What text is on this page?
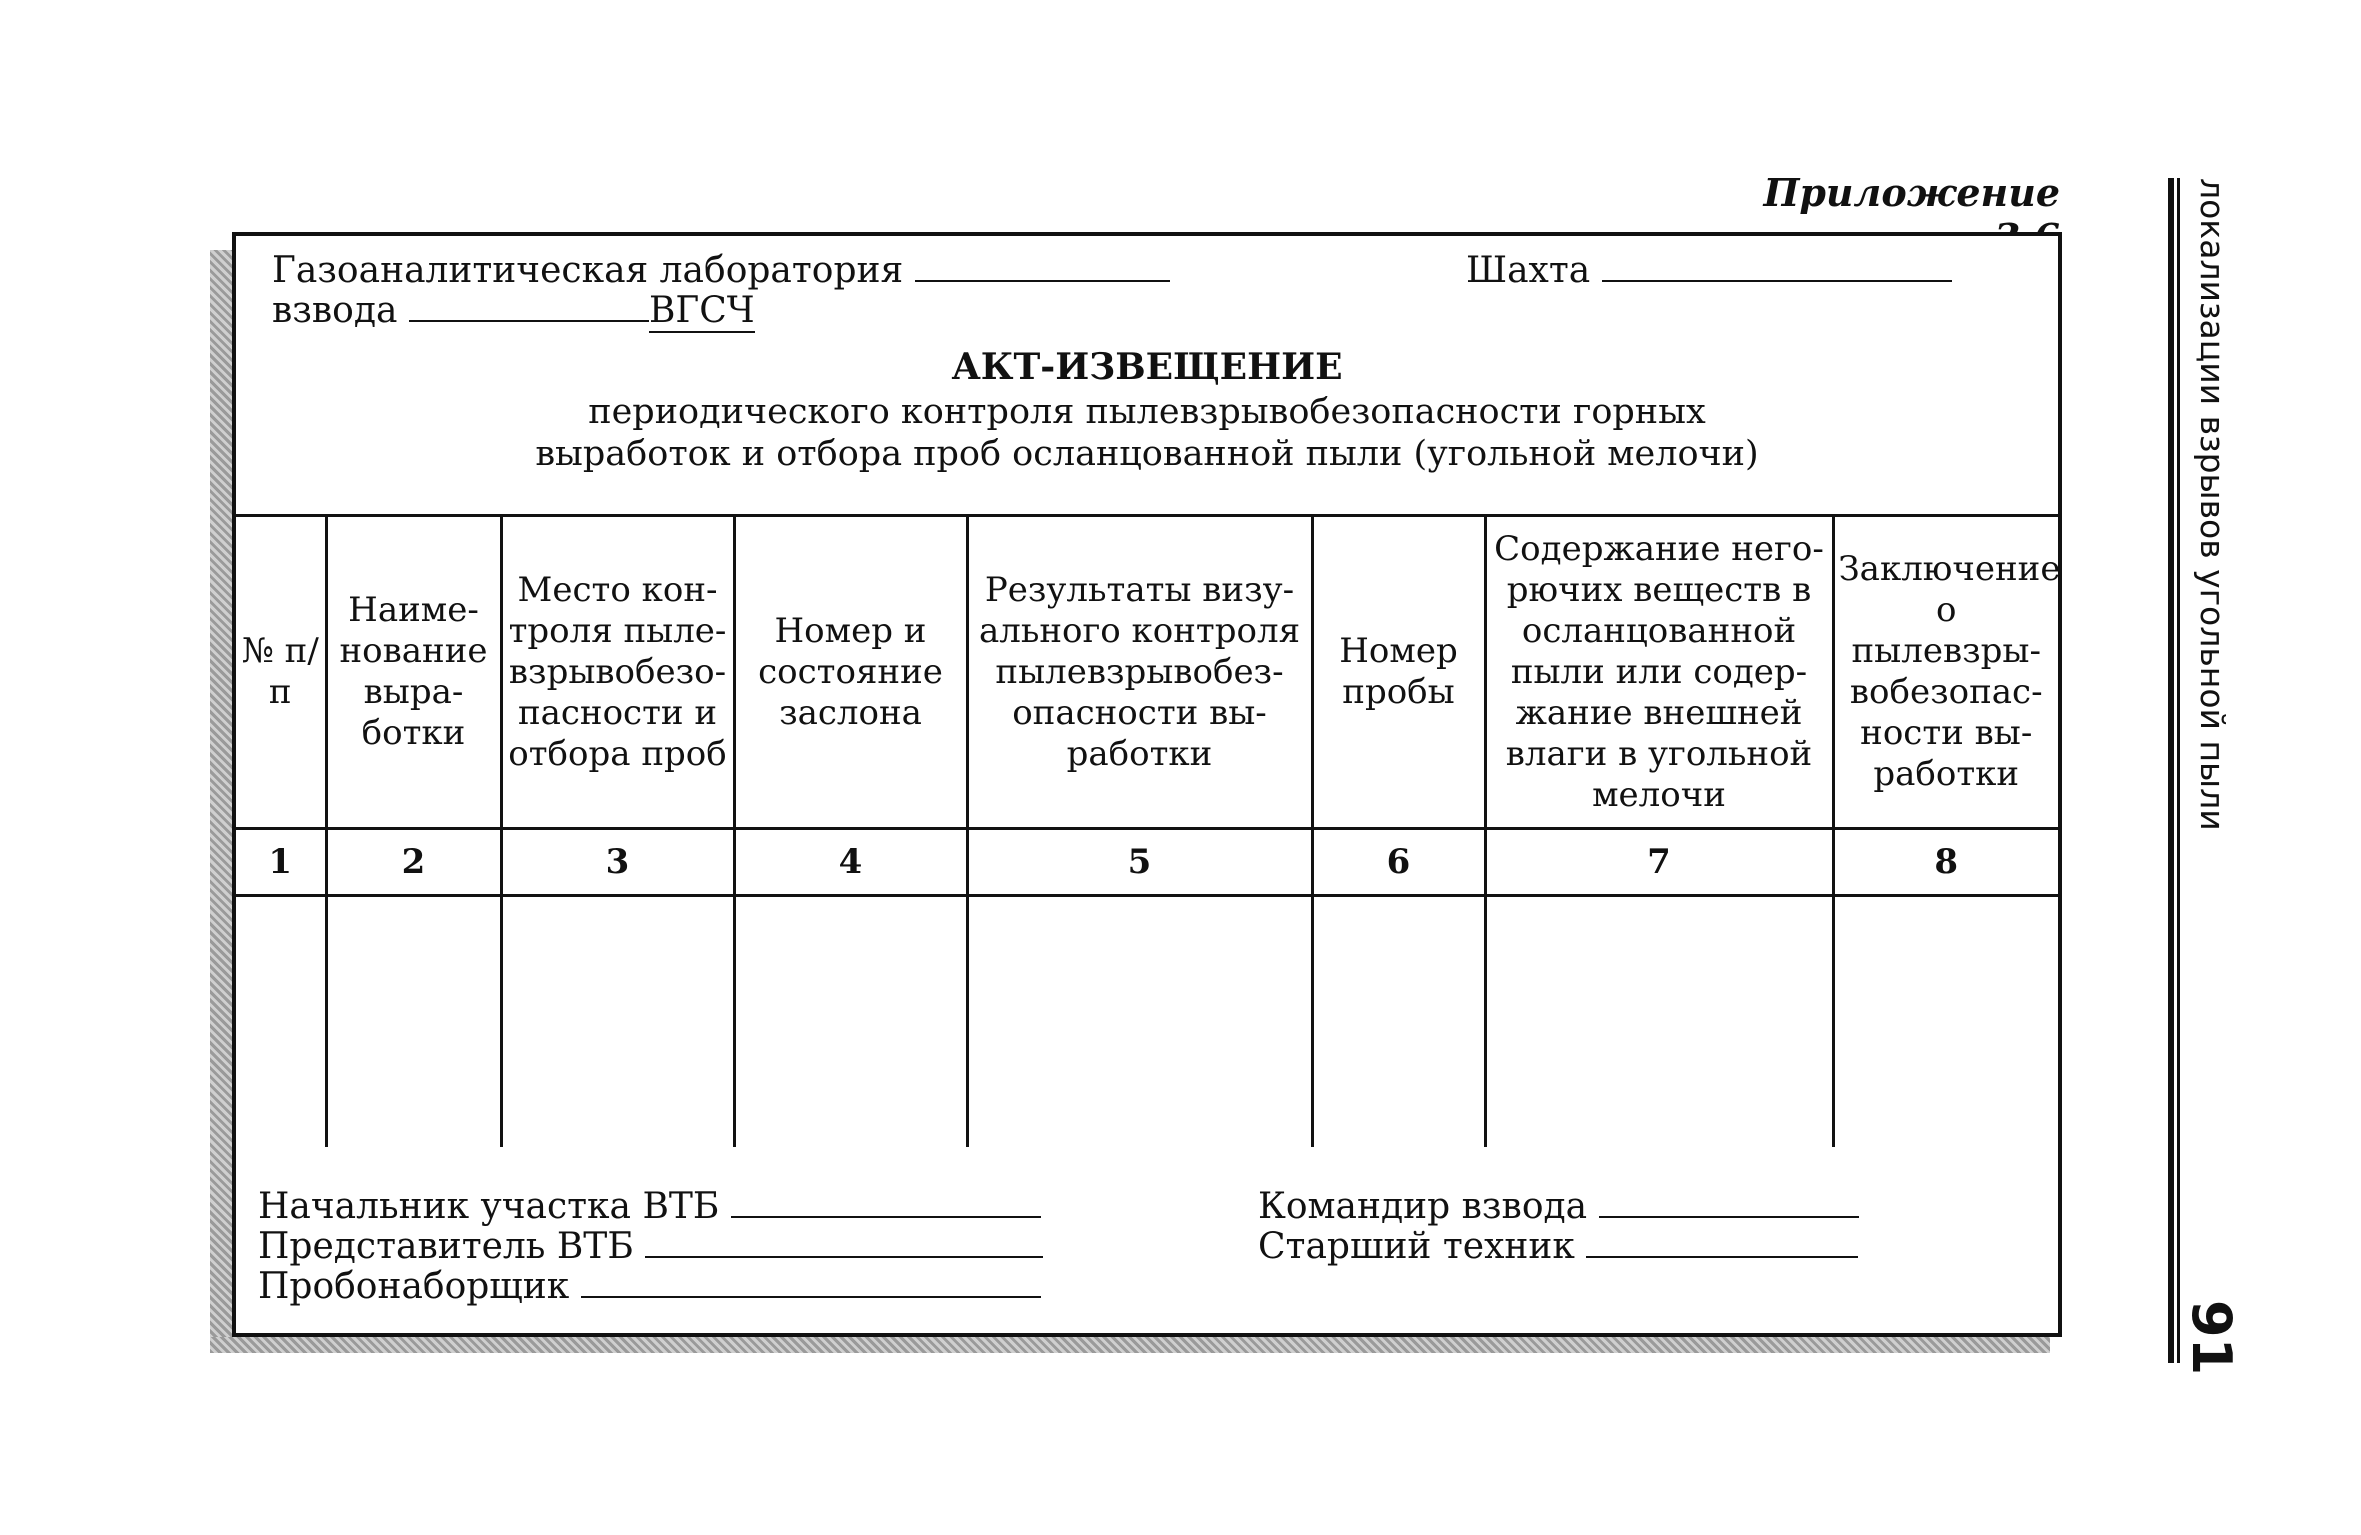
Приложение	локализации взрывов угольной пыли
91
Газоаналитическая лаборатория	Шахта
взвода	ВГСЧ
АКТ-ИЗВЕЩЕНИЕ
периодического контроля пылевзрывобезопасности горных
выработок и отбора проб осланцованной пыли (угольной мелочи)
№ п/п	Наиме-нование выра-ботки	Место кон-троля пыле-взрывобезо-пасности и отбора проб	Номер и состояние заслона	Результаты визу-ального контроля пылевзрывобез-опасности вы-работки	Номер пробы	Содержание него-рючих веществ в осланцованной пыли или содер-жание внешней влаги в угольной мелочи	Заключение о пылевзры-вобезопас-ности вы-работки
1	2	3	4	5	6	7	8

Начальник участка ВТБ
Представитель ВТБ
Пробонаборщик
Командир взвода
Старший техник
